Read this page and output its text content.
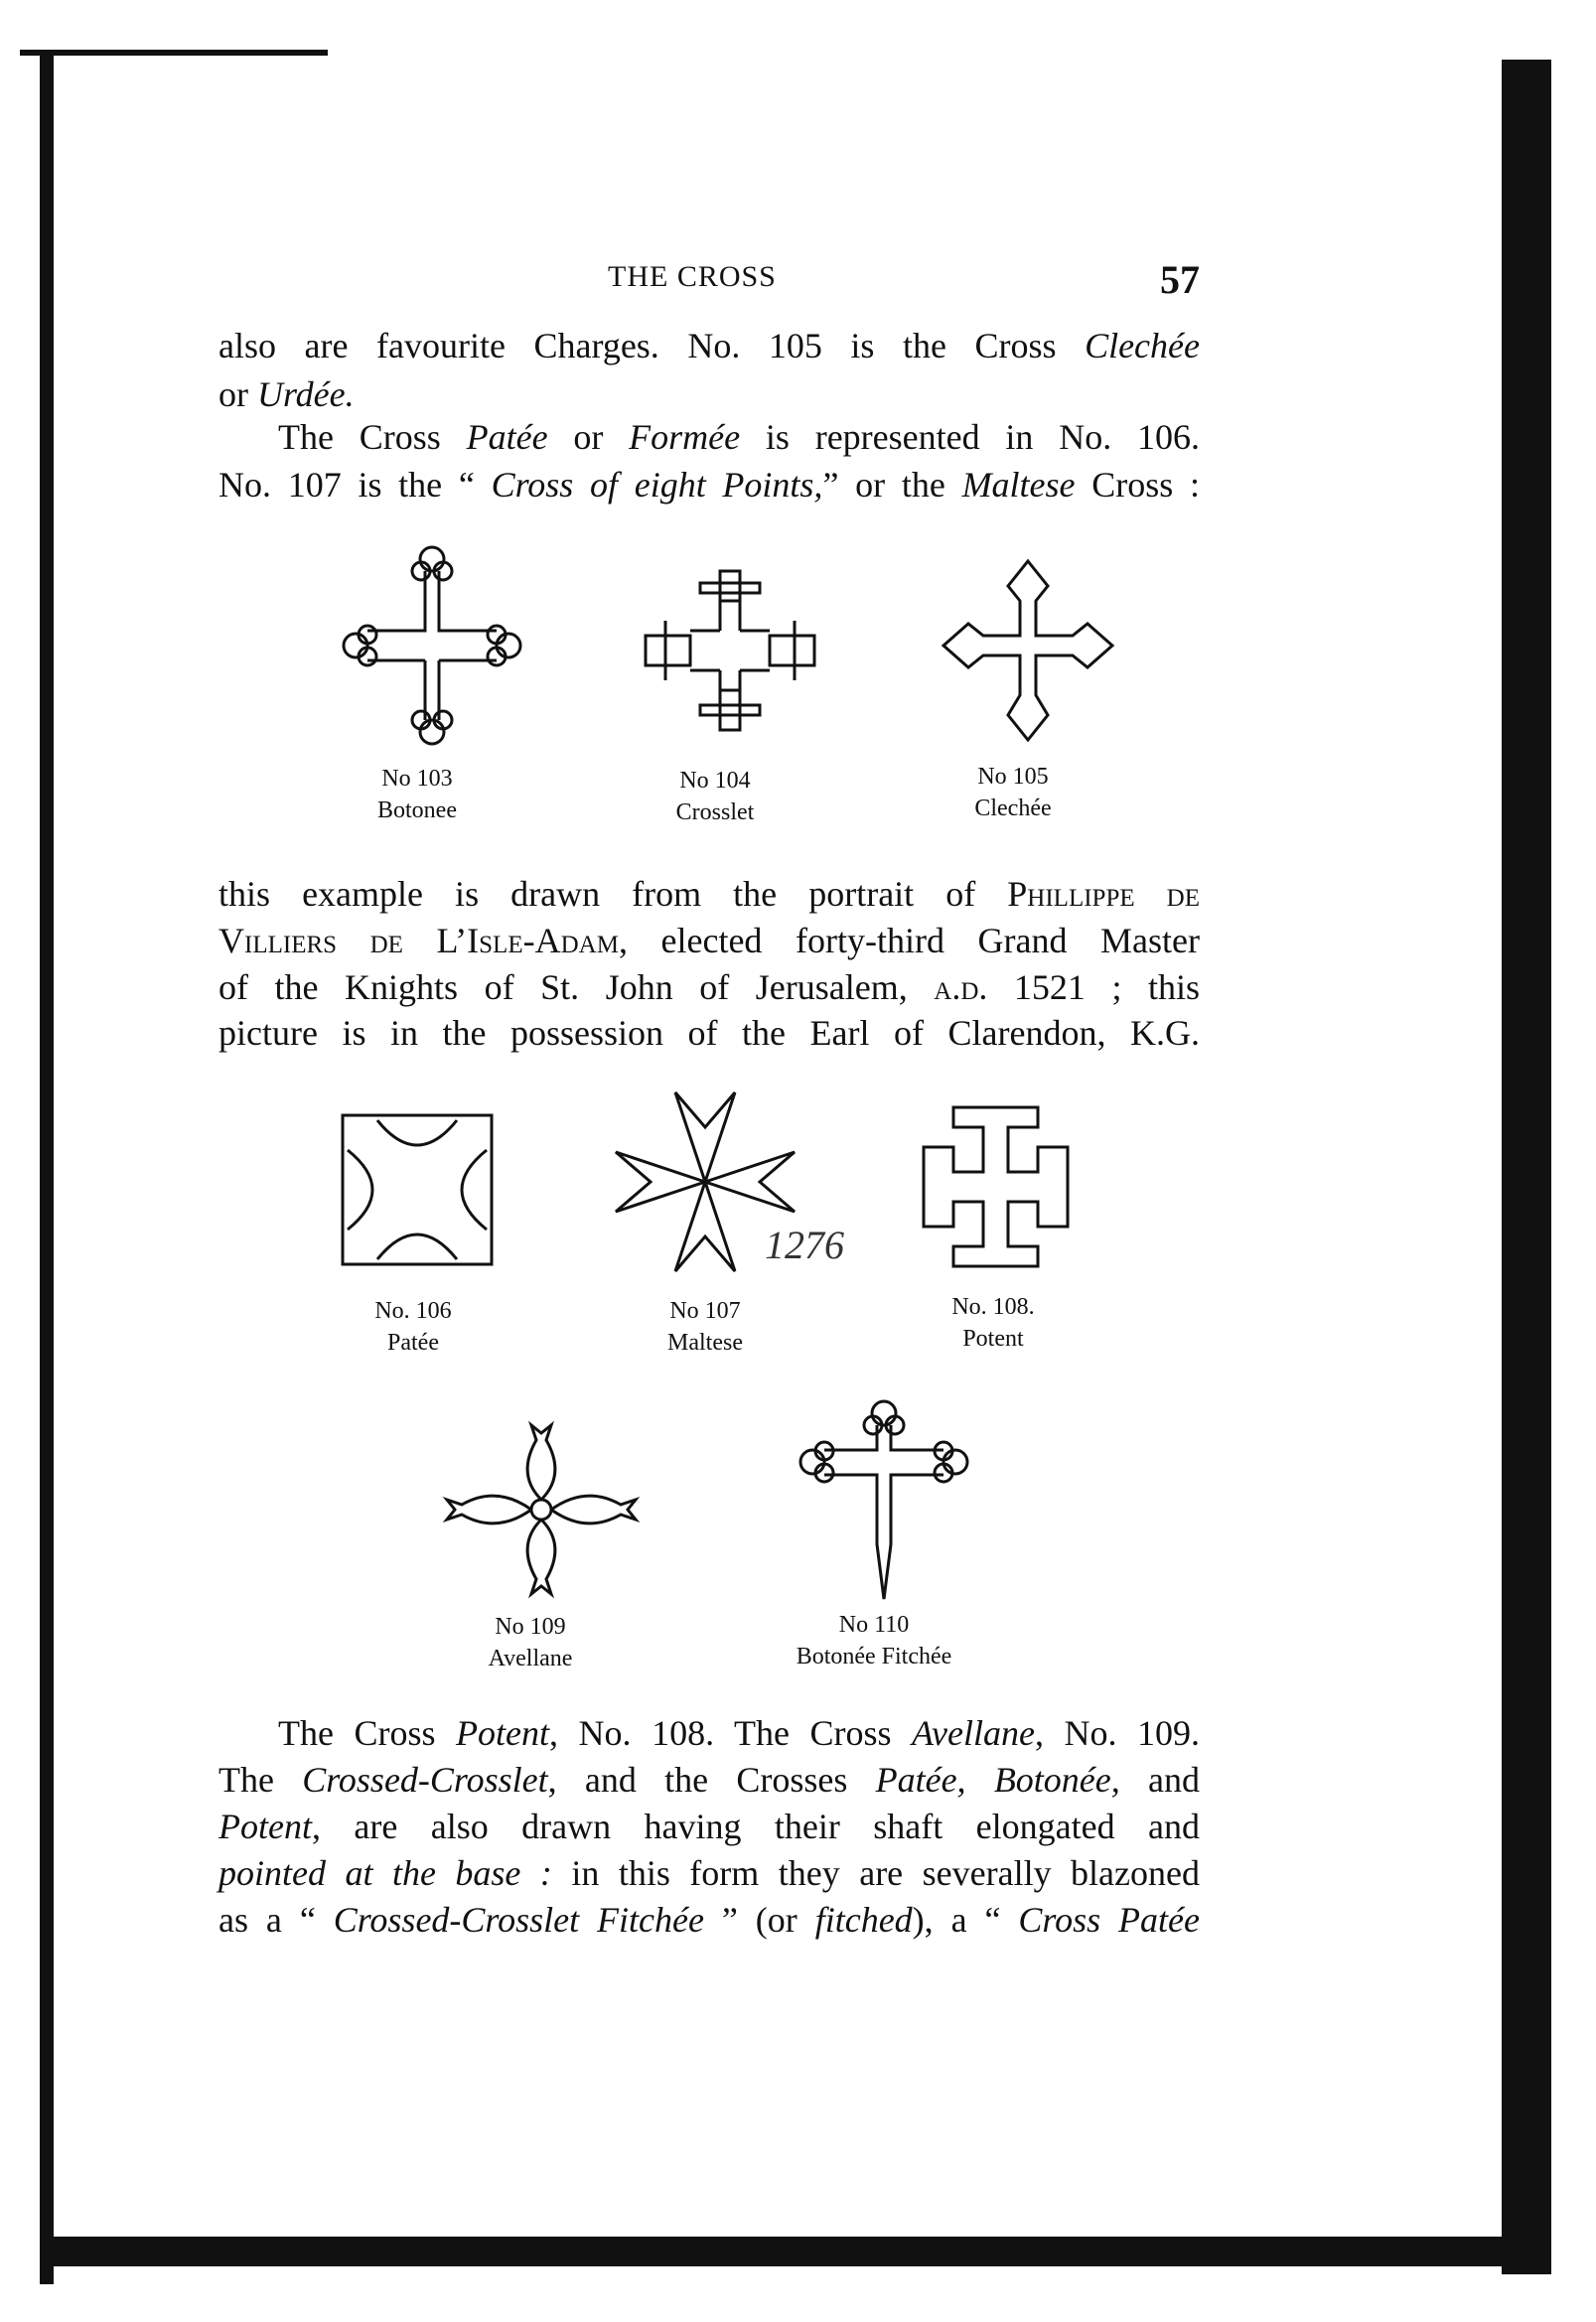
THE CROSS	57
also are favourite Charges. No. 105 is the Cross Clechée
or Urdée.
The Cross Patée or Formée is represented in No. 106.
No. 107 is the “ Cross of eight Points,” or the Maltese Cross :
this example is drawn from the portrait of Phillippe de
Villiers de L’Isle-Adam, elected forty-third Grand Master
of the Knights of St. John of Jerusalem, a.d. 1521 ; this
picture is in the possession of the Earl of Clarendon, K.G.
The Cross Potent, No. 108. The Cross Avellane, No. 109.
The Crossed-Crosslet, and the Crosses Patée, Botonée, and
Potent, are also drawn having their shaft elongated and
pointed at the base : in this form they are severally blazoned
as a “ Crossed-Crosslet Fitchée ” (or fitched), a “ Cross Patée
No 103
Botonee
No 104
Crosslet
No 105
Clechée
1276
No. 106
Patée
No 107
Maltese
No. 108.
Potent
No 109
Avellane
No 110
Botonée Fitchée
